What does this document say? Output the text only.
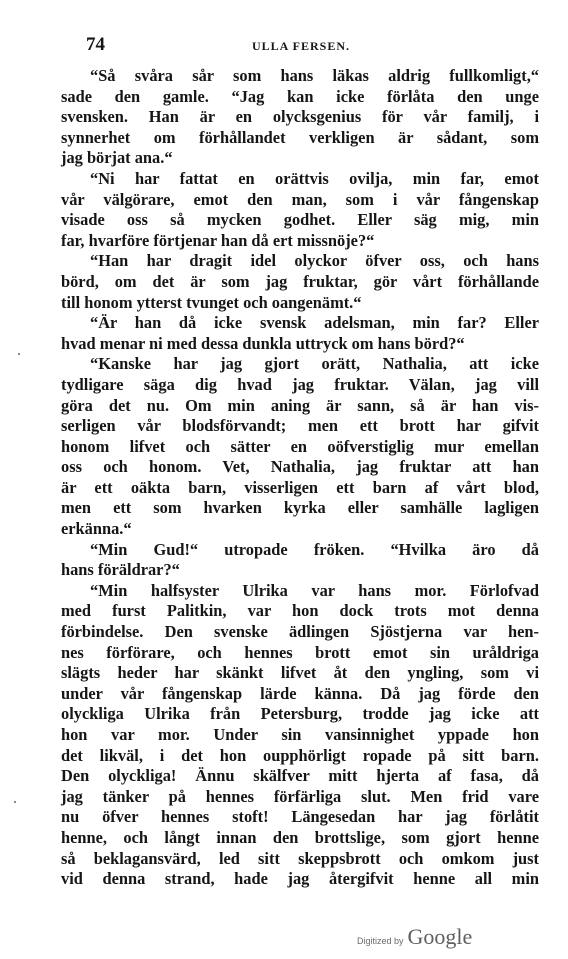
74	ULLA FERSEN.
“Så svåra sår som hans läkas aldrig fullkomligt,“
sade den gamle. “Jag kan icke förlåta den unge
svensken. Han är en olycksgenius för vår familj, i
synnerhet om förhållandet verkligen är sådant, som
jag börjat ana.“
“Ni har fattat en orättvis ovilja, min far, emot
vår välgörare, emot den man, som i vår fångenskap
visade oss så mycken godhet. Eller säg mig, min
far, hvarföre förtjenar han då ert missnöje?“
“Han har dragit idel olyckor öfver oss, och hans
börd, om det är som jag fruktar, gör vårt förhållande
till honom ytterst tvunget och oangenämt.“
“Är han då icke svensk adelsman, min far? Eller
hvad menar ni med dessa dunkla uttryck om hans börd?“
“Kanske har jag gjort orätt, Nathalia, att icke
tydligare säga dig hvad jag fruktar. Välan, jag vill
göra det nu. Om min aning är sann, så är han vis-
serligen vår blodsförvandt; men ett brott har gifvit
honom lifvet och sätter en oöfverstiglig mur emellan
oss och honom. Vet, Nathalia, jag fruktar att han
är ett oäkta barn, visserligen ett barn af vårt blod,
men ett som hvarken kyrka eller samhälle lagligen
erkänna.“
“Min Gud!“ utropade fröken. “Hvilka äro då
hans föräldrar?“
“Min halfsyster Ulrika var hans mor. Förlofvad
med furst Palitkin, var hon dock trots mot denna
förbindelse. Den svenske ädlingen Sjöstjerna var hen-
nes förförare, och hennes brott emot sin uråldriga
slägts heder har skänkt lifvet åt den yngling, som vi
under vår fångenskap lärde känna. Då jag förde den
olyckliga Ulrika från Petersburg, trodde jag icke att
hon var mor. Under sin vansinnighet yppade hon
det likväl, i det hon oupphörligt ropade på sitt barn.
Den olyckliga! Ännu skälfver mitt hjerta af fasa, då
jag tänker på hennes förfärliga slut. Men frid vare
nu öfver hennes stoft! Längesedan har jag förlåtit
henne, och långt innan den brottslige, som gjort henne
så beklagansvärd, led sitt skeppsbrott och omkom just
vid denna strand, hade jag återgifvit henne all min
Digitized by Google
